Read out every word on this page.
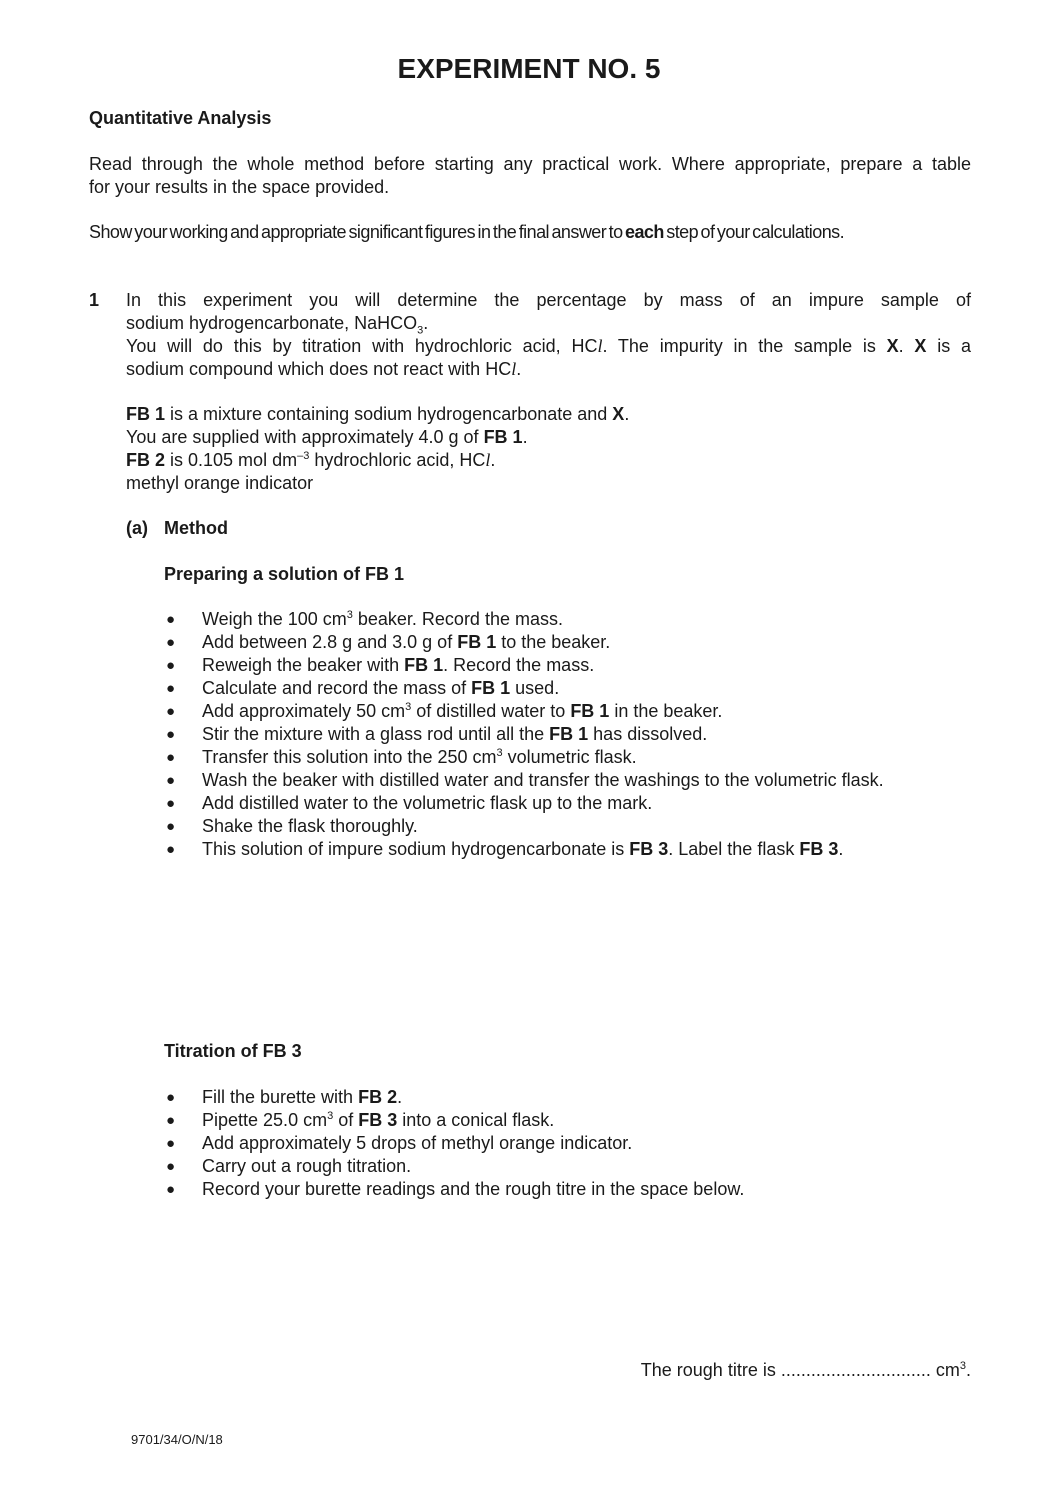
EXPERIMENT NO. 5
Quantitative Analysis
Read through the whole method before starting any practical work. Where appropriate, prepare a table
for your results in the space provided.
Show your working and appropriate significant figures in the final answer to each step of your calculations.
1 In this experiment you will determine the percentage by mass of an impure sample of
sodium hydrogencarbonate, NaHCO$_3$.
You will do this by titration with hydrochloric acid, HCl. The impurity in the sample is X. X is a
sodium compound which does not react with HCl.
FB 1 is a mixture containing sodium hydrogencarbonate and X.
You are supplied with approximately 4.0 g of FB 1.
FB 2 is 0.105 mol $dm^{-3}$ hydrochloric acid, HCl.
methyl orange indicator
(a) Method
Preparing a solution of FB 1
● Weigh the 100 $cm^3$ beaker. Record the mass.
● Add between 2.8 g and 3.0 g of FB 1 to the beaker.
● Reweigh the beaker with FB 1. Record the mass.
● Calculate and record the mass of FB 1 used.
● Add approximately 50 $cm^3$ of distilled water to FB 1 in the beaker.
● Stir the mixture with a glass rod until all the FB 1 has dissolved.
● Transfer this solution into the 250 $cm^3$ volumetric flask.
● Wash the beaker with distilled water and transfer the washings to the volumetric flask.
● Add distilled water to the volumetric flask up to the mark.
● Shake the flask thoroughly.
● This solution of impure sodium hydrogencarbonate is FB 3. Label the flask FB 3.
Titration of FB 3
● Fill the burette with FB 2.
● Pipette 25.0 $cm^3$ of FB 3 into a conical flask.
● Add approximately 5 drops of methyl orange indicator.
● Carry out a rough titration.
● Record your burette readings and the rough titre in the space below.
The rough titre is .............................. $cm^3$.
9701/34/O/N/18
